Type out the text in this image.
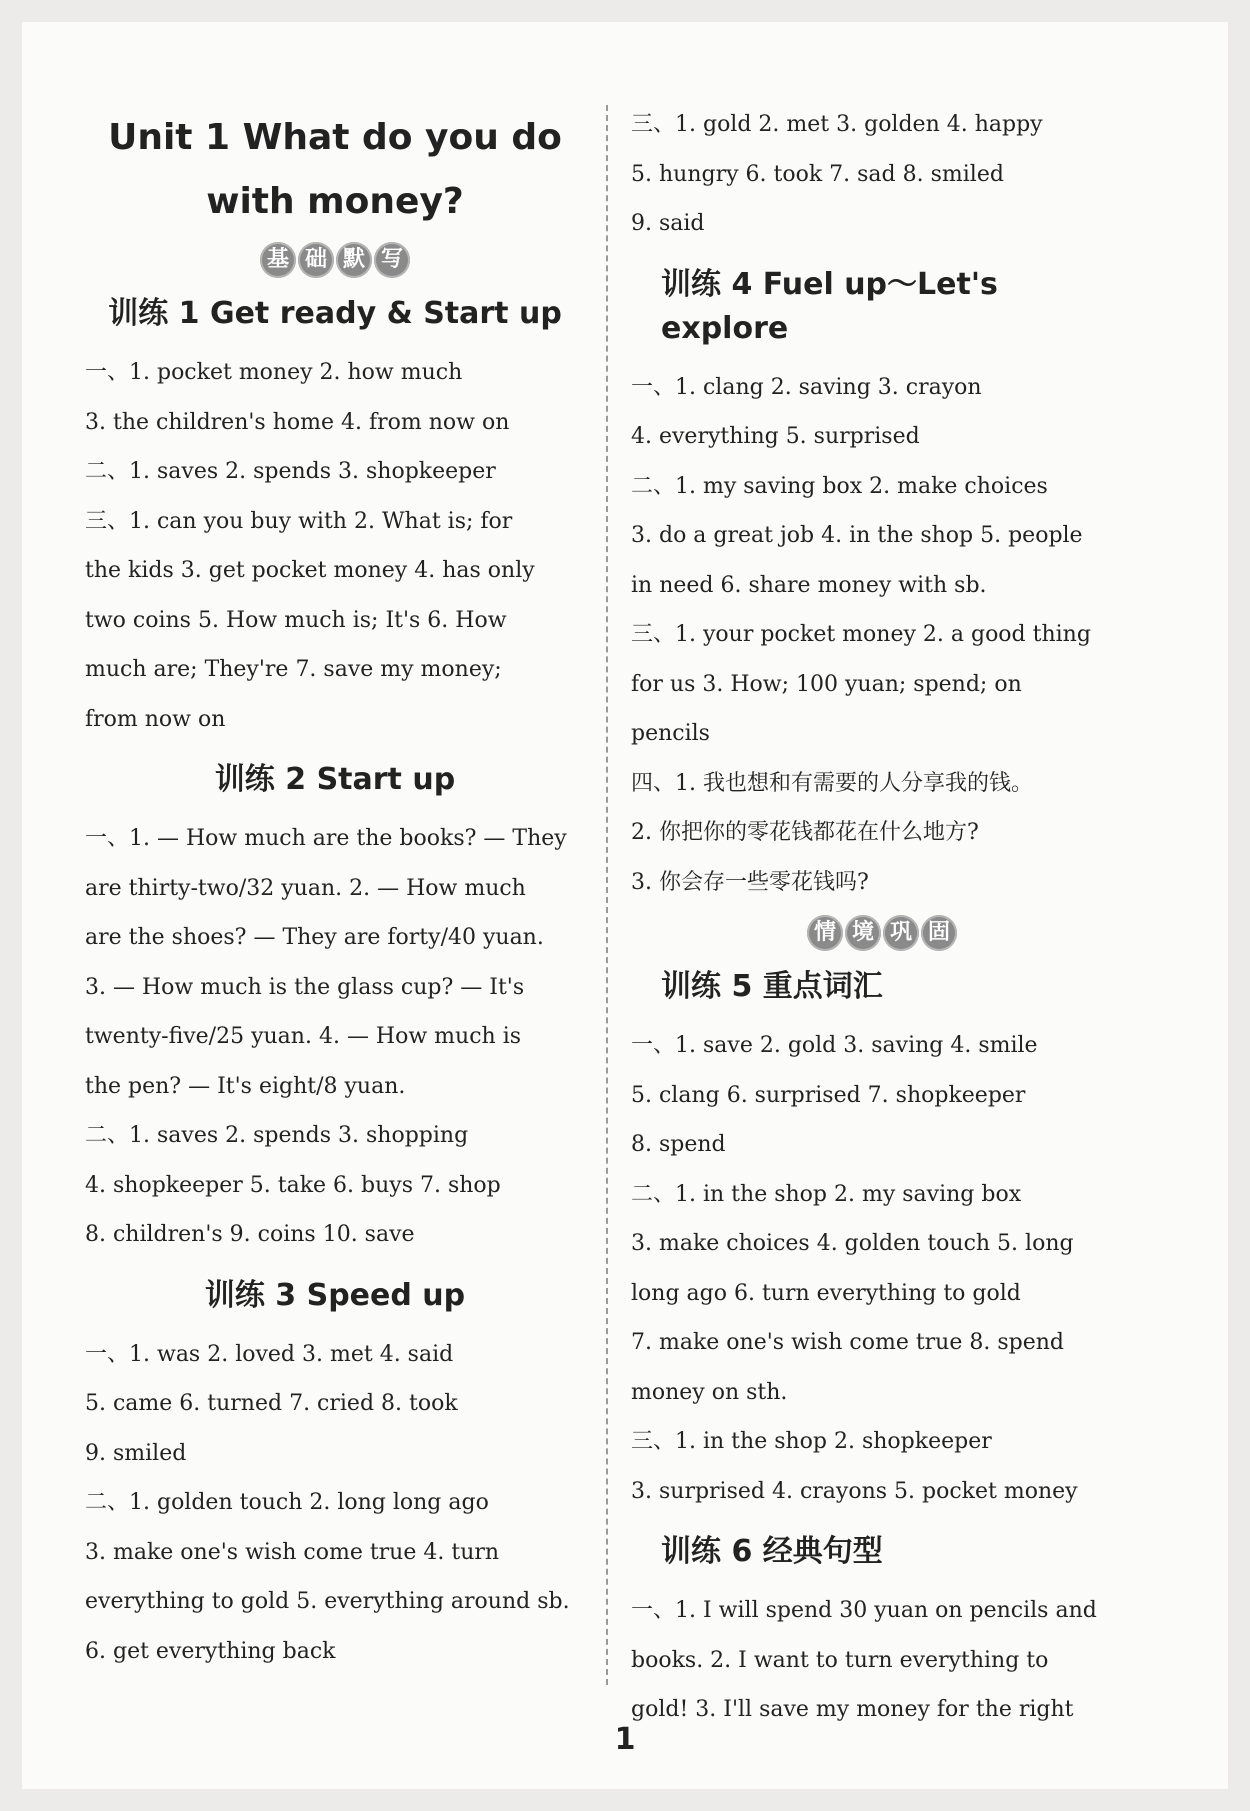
Unit 1 What do you do
with money?
基 础 默 写
训练 1 Get ready & Start up
一、1. pocket money 2. how much
3. the children's home 4. from now on
二、1. saves 2. spends 3. shopkeeper
三、1. can you buy with 2. What is; for
the kids 3. get pocket money 4. has only
two coins 5. How much is; It's 6. How
much are; They're 7. save my money;
from now on
训练 2 Start up
一、1. — How much are the books? — They
are thirty-two/32 yuan. 2. — How much
are the shoes? — They are forty/40 yuan.
3. — How much is the glass cup? — It's
twenty-five/25 yuan. 4. — How much is
the pen? — It's eight/8 yuan.
二、1. saves 2. spends 3. shopping
4. shopkeeper 5. take 6. buys 7. shop
8. children's 9. coins 10. save
训练 3 Speed up
一、1. was 2. loved 3. met 4. said
5. came 6. turned 7. cried 8. took
9. smiled
二、1. golden touch 2. long long ago
3. make one's wish come true 4. turn
everything to gold 5. everything around sb.
6. get everything back
三、1. gold 2. met 3. golden 4. happy
5. hungry 6. took 7. sad 8. smiled
9. said
训练 4 Fuel up～Let's explore
一、1. clang 2. saving 3. crayon
4. everything 5. surprised
二、1. my saving box 2. make choices
3. do a great job 4. in the shop 5. people
in need 6. share money with sb.
三、1. your pocket money 2. a good thing
for us 3. How; 100 yuan; spend; on
pencils
四、1. 我也想和有需要的人分享我的钱。
2. 你把你的零花钱都花在什么地方?
3. 你会存一些零花钱吗?
情 境 巩 固
训练 5 重点词汇
一、1. save 2. gold 3. saving 4. smile
5. clang 6. surprised 7. shopkeeper
8. spend
二、1. in the shop 2. my saving box
3. make choices 4. golden touch 5. long
long ago 6. turn everything to gold
7. make one's wish come true 8. spend
money on sth.
三、1. in the shop 2. shopkeeper
3. surprised 4. crayons 5. pocket money
训练 6 经典句型
一、1. I will spend 30 yuan on pencils and
books. 2. I want to turn everything to
gold! 3. I'll save my money for the right
1
